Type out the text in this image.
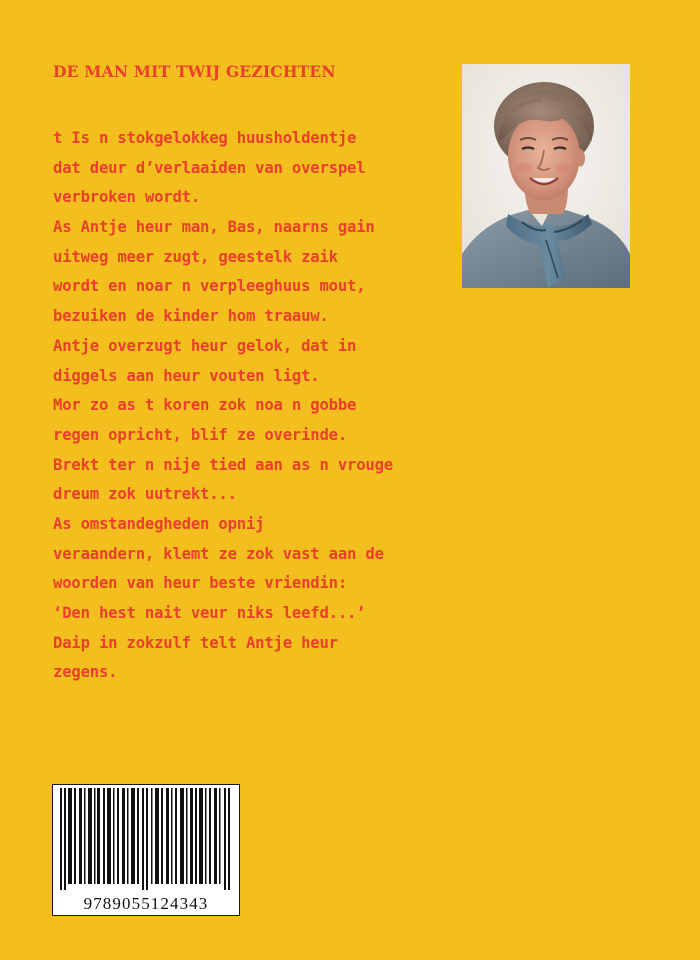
DE MAN MIT TWIJ GEZICHTEN
t Is n stokgelokkeg huusholdentje
dat deur d’verlaaiden van overspel
verbroken wordt.
As Antje heur man, Bas, naarns gain
uitweg meer zugt, geestelk zaik
wordt en noar n verpleeghuus mout,
bezuiken de kinder hom traauw.
Antje overzugt heur gelok, dat in
diggels aan heur vouten ligt.
Mor zo as t koren zok noa n gobbe
regen opricht, blif ze overinde.
Brekt ter n nije tied aan as n vrouge
dreum zok uutrekt...
As omstandegheden opnij
veraandern, klemt ze zok vast aan de
woorden van heur beste vriendin:
‘Den hest nait veur niks leefd...’
Daip in zokzulf telt Antje heur
zegens.
9789055124343
